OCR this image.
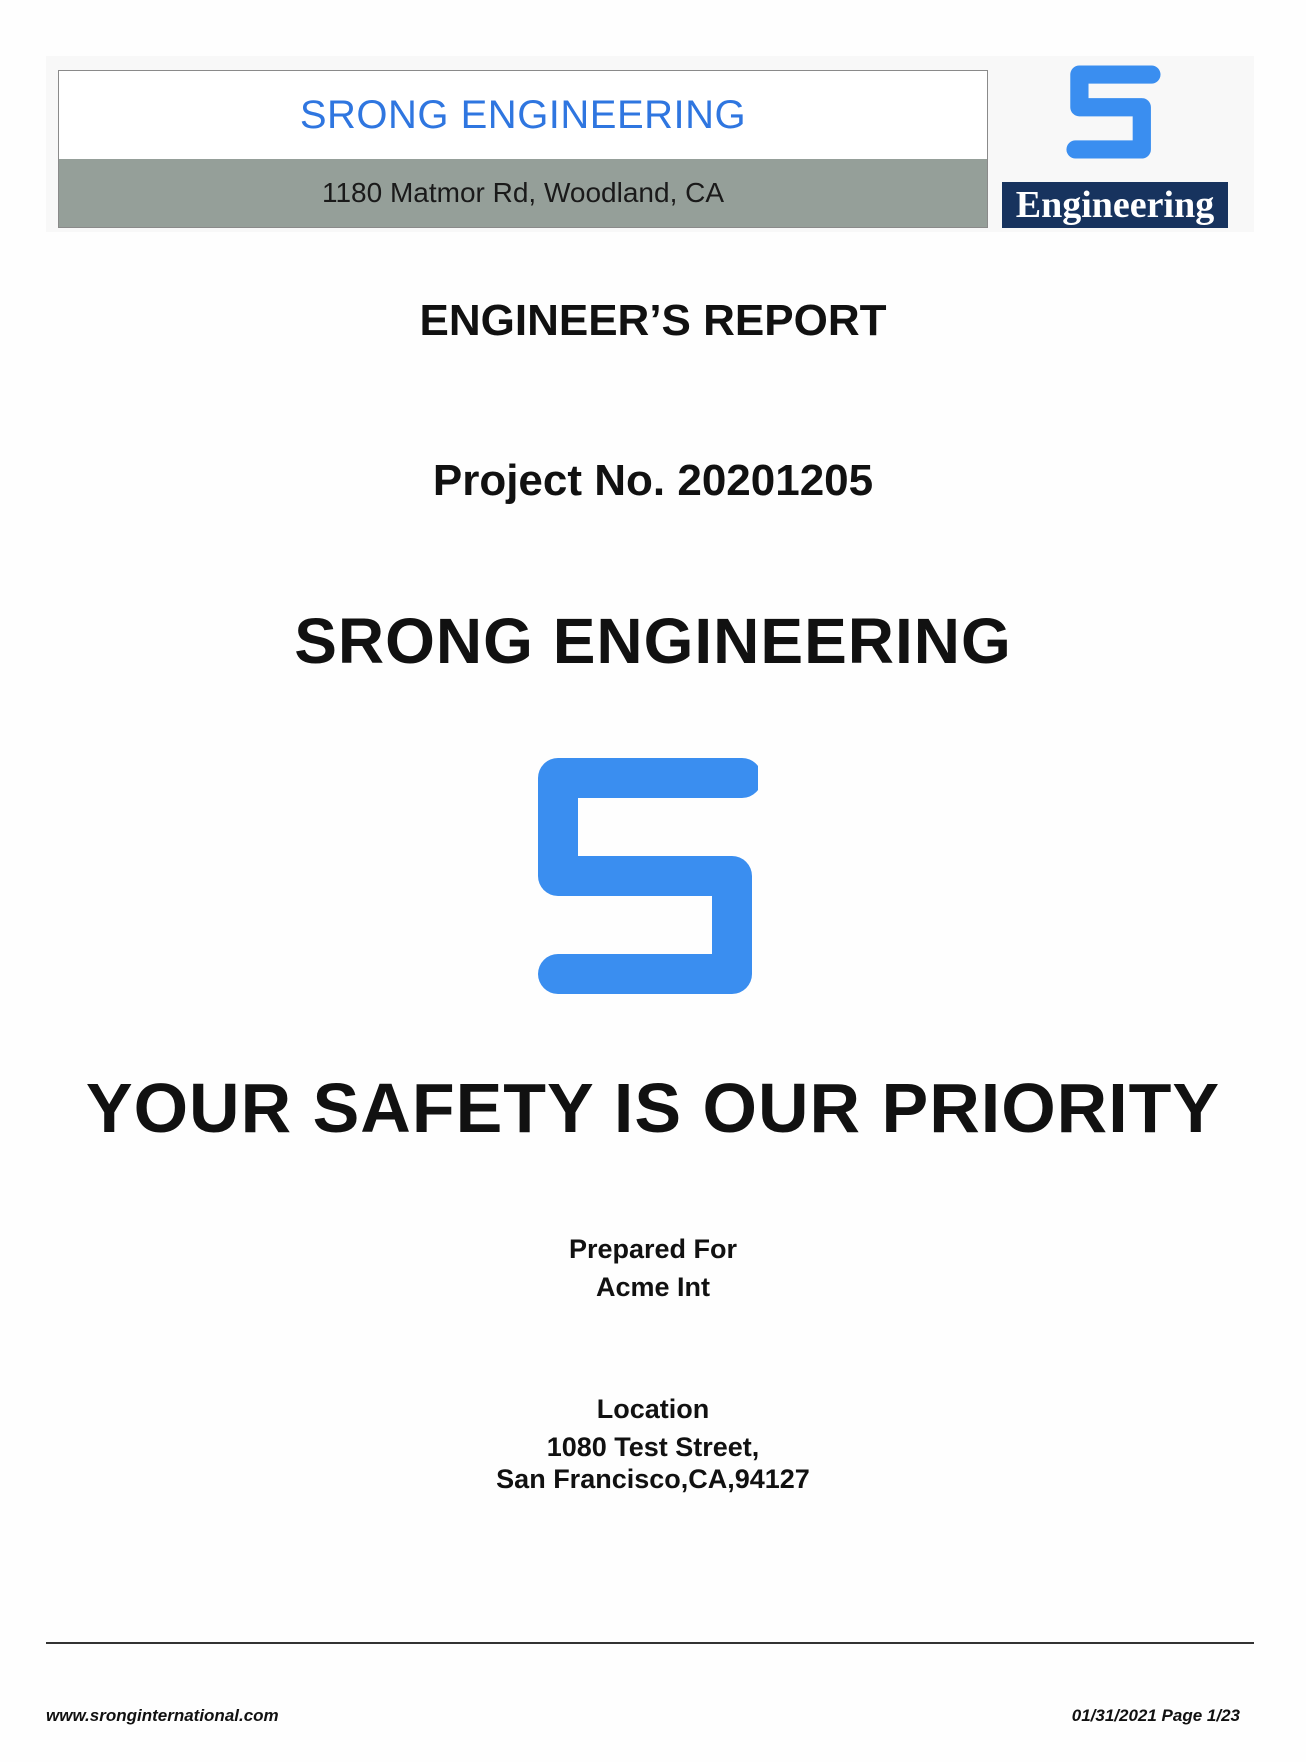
SRONG ENGINEERING
1180 Matmor Rd, Woodland, CA	Engineering
ENGINEER’S REPORT
Project No. 20201205
SRONG ENGINEERING
YOUR SAFETY IS OUR PRIORITY
Prepared For
Acme Int
Location
1080 Test Street,
San Francisco,CA,94127
www.sronginternational.com	01/31/2021 Page 1/23
